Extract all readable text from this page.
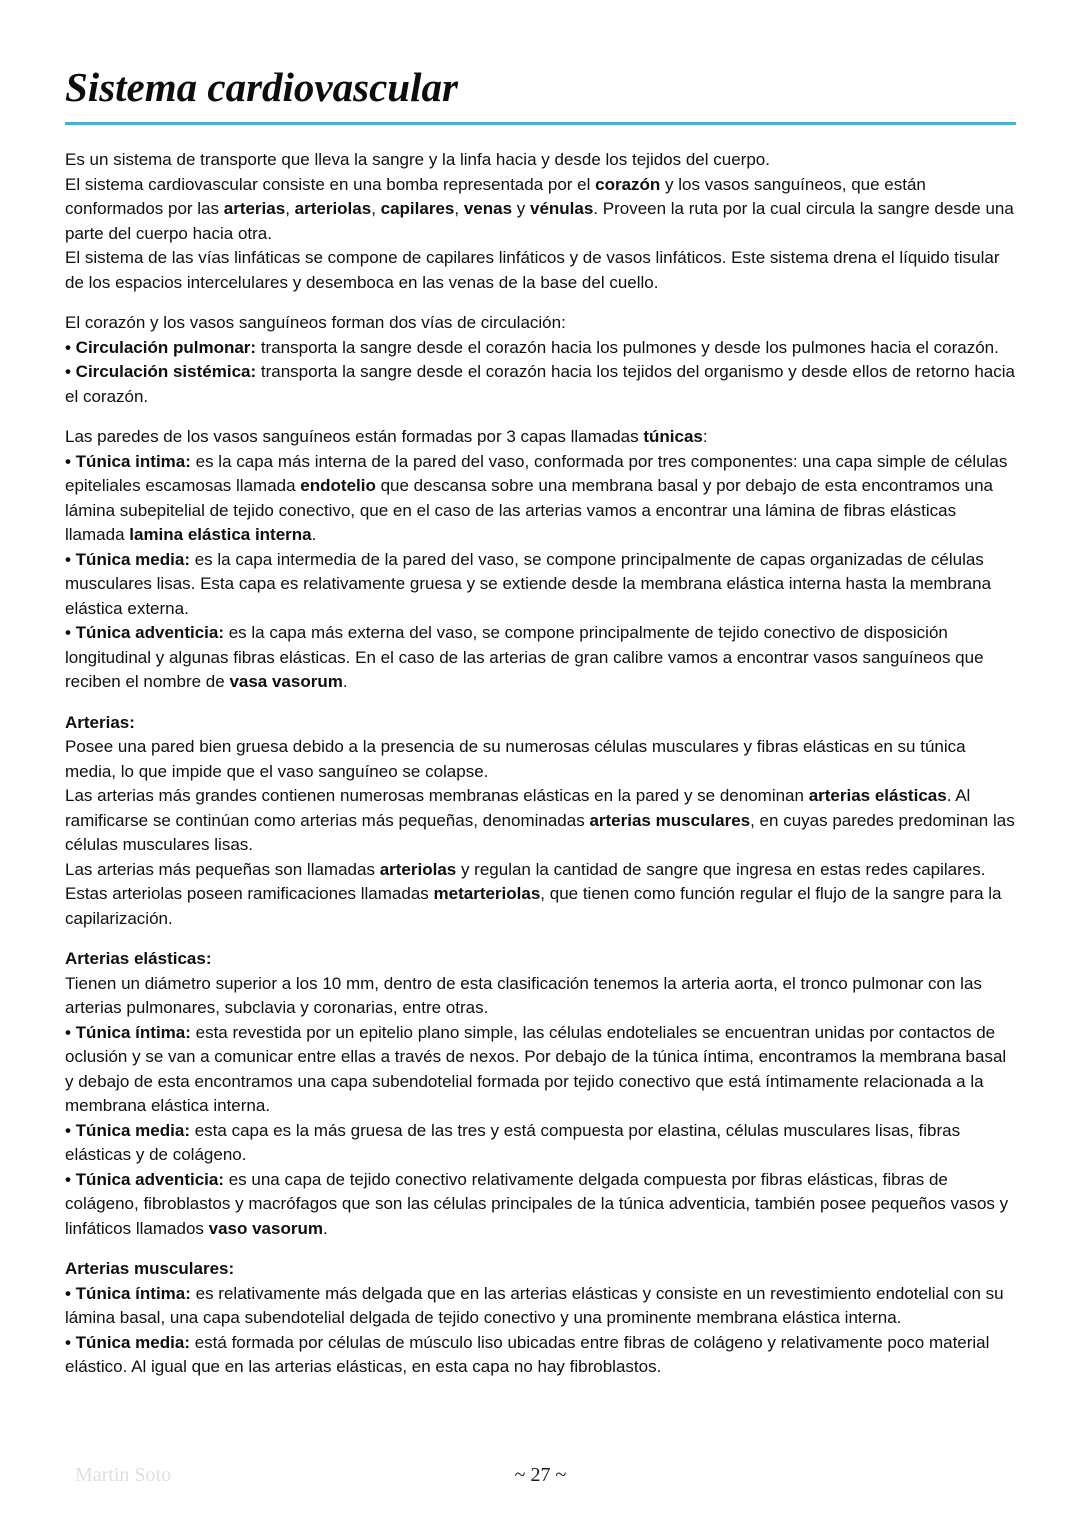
Sistema cardiovascular

Es un sistema de transporte que lleva la sangre y la linfa hacia y desde los tejidos del cuerpo.

El sistema cardiovascular consiste en una bomba representada por el corazón y los vasos sanguíneos, que están conformados por las arterias, arteriolas, capilares, venas y vénulas. Proveen la ruta por la cual circula la sangre desde una parte del cuerpo hacia otra.

El sistema de las vías linfáticas se compone de capilares linfáticos y de vasos linfáticos. Este sistema drena el líquido tisular de los espacios intercelulares y desemboca en las venas de la base del cuello.

El corazón y los vasos sanguíneos forman dos vías de circulación:

• Circulación pulmonar: transporta la sangre desde el corazón hacia los pulmones y desde los pulmones hacia el corazón.

• Circulación sistémica: transporta la sangre desde el corazón hacia los tejidos del organismo y desde ellos de retorno hacia el corazón.

Las paredes de los vasos sanguíneos están formadas por 3 capas llamadas túnicas:

• Túnica intima: es la capa más interna de la pared del vaso, conformada por tres componentes: una capa simple de células epiteliales escamosas llamada endotelio que descansa sobre una membrana basal y por debajo de esta encontramos una lámina subepitelial de tejido conectivo, que en el caso de las arterias vamos a encontrar una lámina de fibras elásticas llamada lamina elástica interna.

• Túnica media: es la capa intermedia de la pared del vaso, se compone principalmente de capas organizadas de células musculares lisas. Esta capa es relativamente gruesa y se extiende desde la membrana elástica interna hasta la membrana elástica externa.

• Túnica adventicia: es la capa más externa del vaso, se compone principalmente de tejido conectivo de disposición longitudinal y algunas fibras elásticas. En el caso de las arterias de gran calibre vamos a encontrar vasos sanguíneos que reciben el nombre de vasa vasorum.

Arterias:

Posee una pared bien gruesa debido a la presencia de su numerosas células musculares y fibras elásticas en su túnica media, lo que impide que el vaso sanguíneo se colapse.

Las arterias más grandes contienen numerosas membranas elásticas en la pared y se denominan arterias elásticas. Al ramificarse se continúan como arterias más pequeñas, denominadas arterias musculares, en cuyas paredes predominan las células musculares lisas.

Las arterias más pequeñas son llamadas arteriolas y regulan la cantidad de sangre que ingresa en estas redes capilares. Estas arteriolas poseen ramificaciones llamadas metarteriolas, que tienen como función regular el flujo de la sangre para la capilarización.

Arterias elásticas:

Tienen un diámetro superior a los 10 mm, dentro de esta clasificación tenemos la arteria aorta, el tronco pulmonar con las arterias pulmonares, subclavia y coronarias, entre otras.

• Túnica íntima: esta revestida por un epitelio plano simple, las células endoteliales se encuentran unidas por contactos de oclusión y se van a comunicar entre ellas a través de nexos. Por debajo de la túnica íntima, encontramos la membrana basal y debajo de esta encontramos una capa subendotelial formada por tejido conectivo que está íntimamente relacionada a la membrana elástica interna.

• Túnica media: esta capa es la más gruesa de las tres y está compuesta por elastina, células musculares lisas, fibras elásticas y de colágeno.

• Túnica adventicia: es una capa de tejido conectivo relativamente delgada compuesta por fibras elásticas, fibras de colágeno, fibroblastos y macrófagos que son las células principales de la túnica adventicia, también posee pequeños vasos y linfáticos llamados vaso vasorum.

Arterias musculares:

• Túnica íntima: es relativamente más delgada que en las arterias elásticas y consiste en un revestimiento endotelial con su lámina basal, una capa subendotelial delgada de tejido conectivo y una prominente membrana elástica interna.

• Túnica media: está formada por células de músculo liso ubicadas entre fibras de colágeno y relativamente poco material elástico. Al igual que en las arterias elásticas, en esta capa no hay fibroblastos.

Martin Soto	~ 27 ~
